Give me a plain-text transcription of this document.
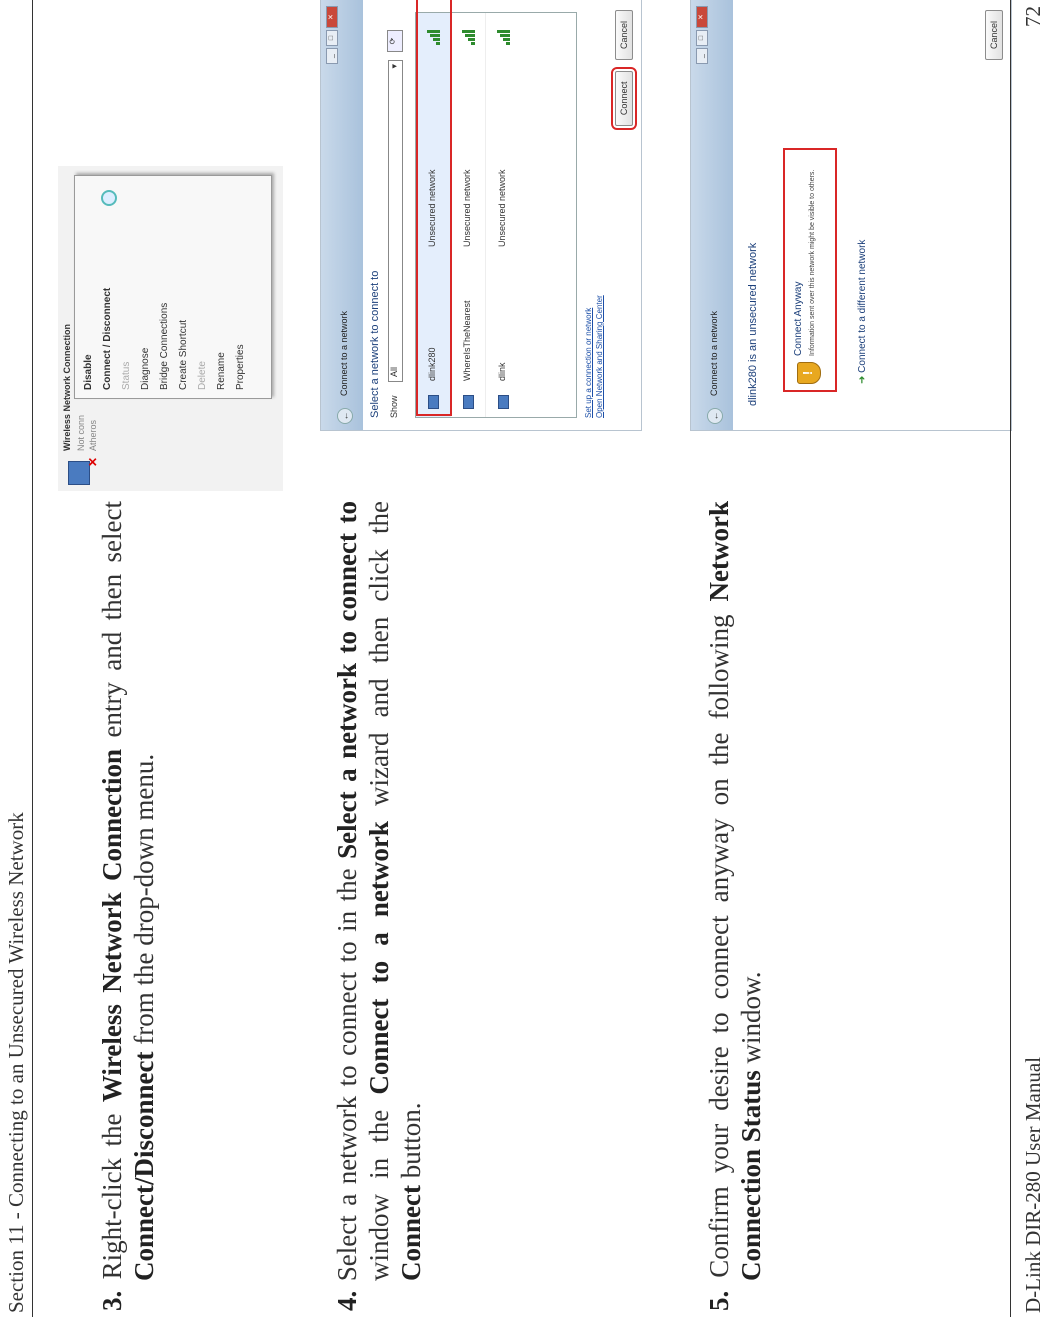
Section 11 - Connecting to an Unsecured Wireless Network	3. Right-click the Wireless Network Connection entry and then select Connect/Disconnect from the drop-down menu.
4. Select a network to connect to in the Select a network to connect to window in the Connect to a network wizard and then click the Connect button.
5. Confirm your desire to connect anyway on the following Network Connection Status window.
✕
Wireless Network Connection Not conn Atheros
Disable Connect / Disconnect Status Diagnose Bridge Connections Create Shortcut Delete Rename Properties
←
Connect to a network
_□✕
Select a network to connect to Show
All
▾
⟳
dlink280
Unsecured network
WhereIsTheNearest
Unsecured network
dlink
Unsecured network
Set up a connection or network Open Network and Sharing Center
Connect Cancel
←
Connect to a network
_□✕
dlink280 is an unsecured network	!
Connect Anyway Information sent over this network might be visible to others.
➜ Connect to a different network
Cancel
D-Link DIR-280 User Manual
72
